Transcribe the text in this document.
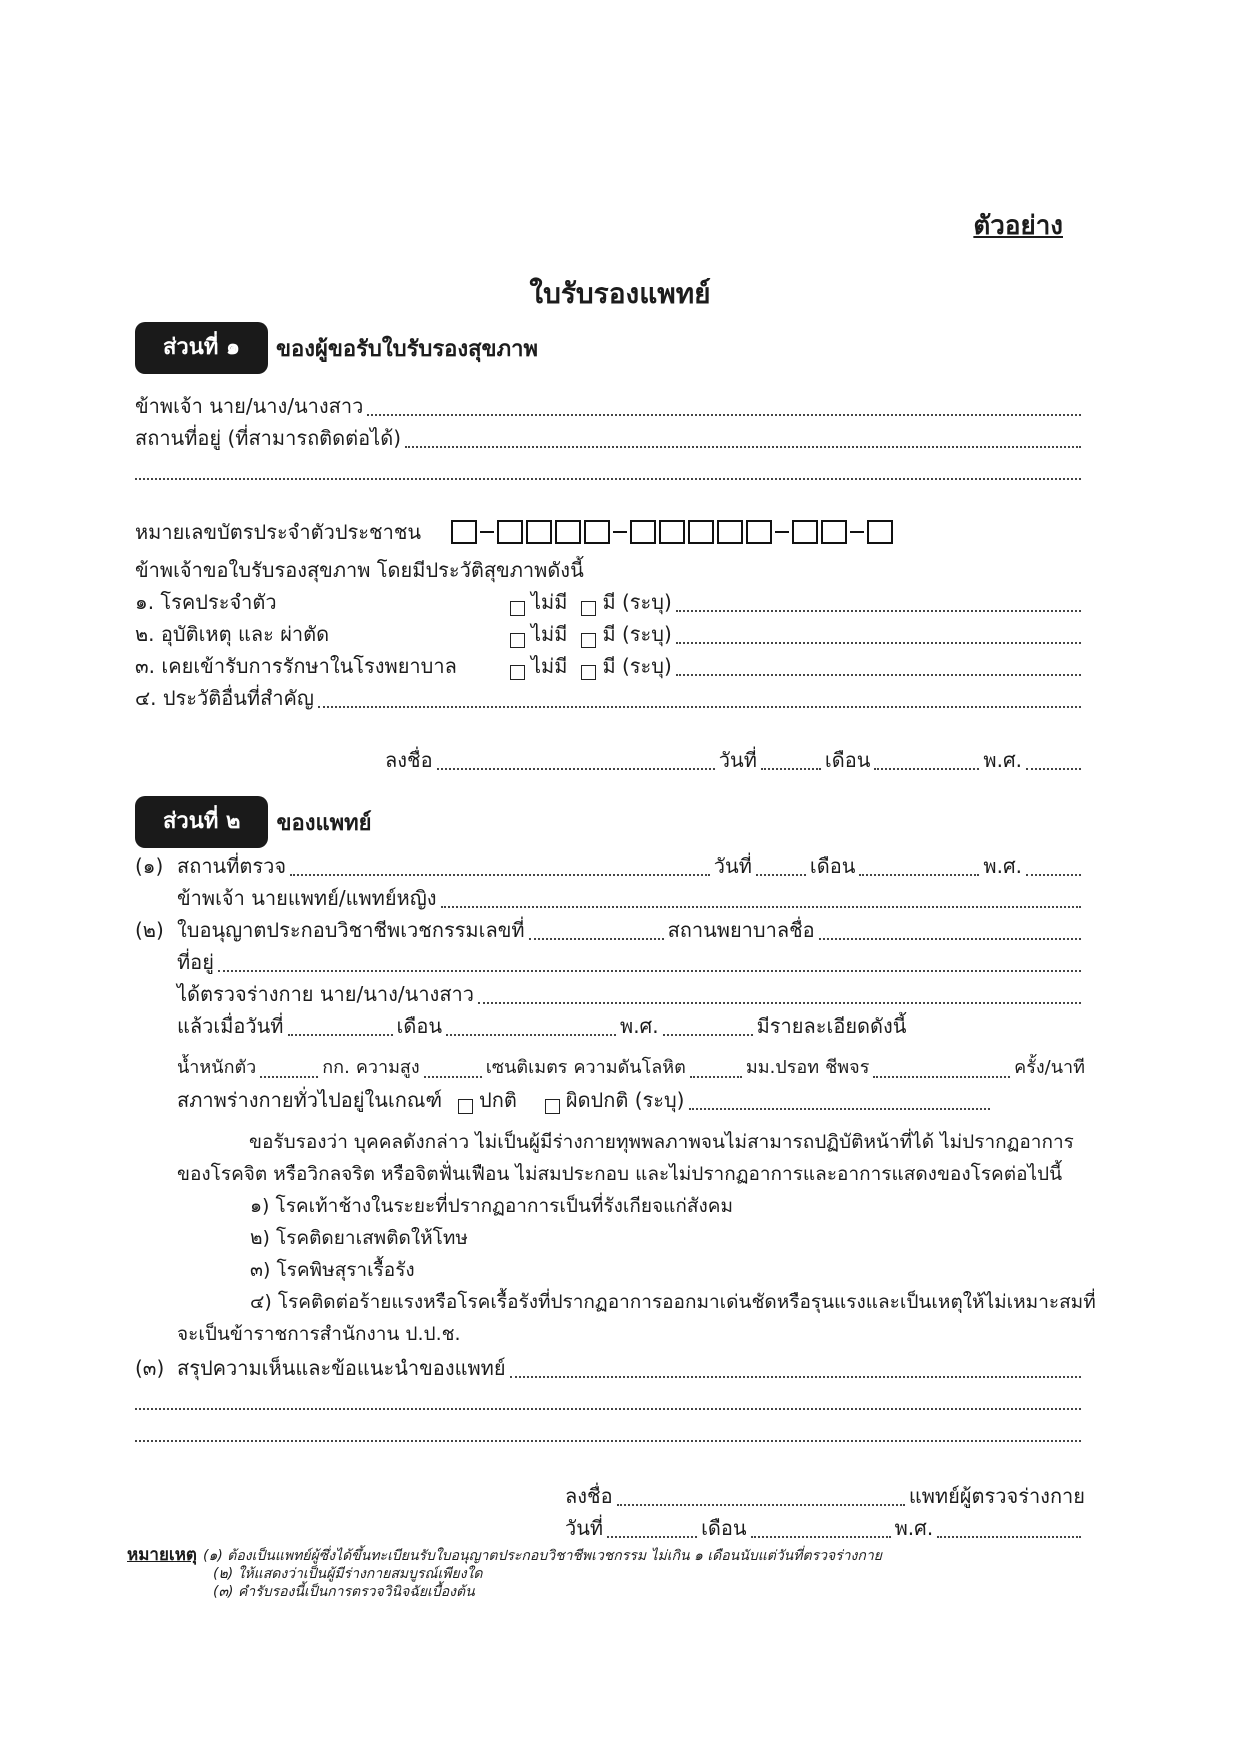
ตัวอย่าง
ใบรับรองแพทย์
ส่วนที่ ๑	ของผู้ขอรับใบรับรองสุขภาพ
ข้าพเจ้า นาย/นาง/นางสาว
สถานที่อยู่ (ที่สามารถติดต่อได้)
หมายเลขบัตรประจำตัวประชาชน
ข้าพเจ้าขอใบรับรองสุขภาพ โดยมีประวัติสุขภาพดังนี้
๑. โรคประจำตัว	ไม่มี มี (ระบุ)
๒. อุบัติเหตุ และ ผ่าตัด	ไม่มี มี (ระบุ)
๓. เคยเข้ารับการรักษาในโรงพยาบาล	ไม่มี มี (ระบุ)
๔. ประวัติอื่นที่สำคัญ
ลงชื่อ	วันที่	เดือน	พ.ศ.
ส่วนที่ ๒	ของแพทย์
(๑) สถานที่ตรวจ	วันที่	เดือน	พ.ศ.
ข้าพเจ้า นายแพทย์/แพทย์หญิง
(๒) ใบอนุญาตประกอบวิชาชีพเวชกรรมเลขที่	สถานพยาบาลชื่อ
ที่อยู่
ได้ตรวจร่างกาย นาย/นาง/นางสาว
แล้วเมื่อวันที่	เดือน	พ.ศ.	มีรายละเอียดดังนี้
น้ำหนักตัว	กก. ความสูง	เซนติเมตร ความดันโลหิต	มม.ปรอท ชีพจร	ครั้ง/นาที
สภาพร่างกายทั่วไปอยู่ในเกณฑ์ ปกติ ผิดปกติ (ระบุ)
ขอรับรองว่า บุคคลดังกล่าว ไม่เป็นผู้มีร่างกายทุพพลภาพจนไม่สามารถปฏิบัติหน้าที่ได้ ไม่ปรากฏอาการ
ของโรคจิต หรือวิกลจริต หรือจิตฟั่นเฟือน ไม่สมประกอบ และไม่ปรากฏอาการและอาการแสดงของโรคต่อไปนี้
๑) โรคเท้าช้างในระยะที่ปรากฏอาการเป็นที่รังเกียจแก่สังคม
๒) โรคติดยาเสพติดให้โทษ
๓) โรคพิษสุราเรื้อรัง
๔) โรคติดต่อร้ายแรงหรือโรคเรื้อรังที่ปรากฏอาการออกมาเด่นชัดหรือรุนแรงและเป็นเหตุให้ไม่เหมาะสมที่
จะเป็นข้าราชการสำนักงาน ป.ป.ช.
(๓) สรุปความเห็นและข้อแนะนำของแพทย์
ลงชื่อ	แพทย์ผู้ตรวจร่างกาย
วันที่	เดือน	พ.ศ.
หมายเหตุ (๑) ต้องเป็นแพทย์ผู้ซึ่งได้ขึ้นทะเบียนรับใบอนุญาตประกอบวิชาชีพเวชกรรม ไม่เกิน ๑ เดือนนับแต่วันที่ตรวจร่างกาย
(๒) ให้แสดงว่าเป็นผู้มีร่างกายสมบูรณ์เพียงใด
(๓) คำรับรองนี้เป็นการตรวจวินิจฉัยเบื้องต้น
